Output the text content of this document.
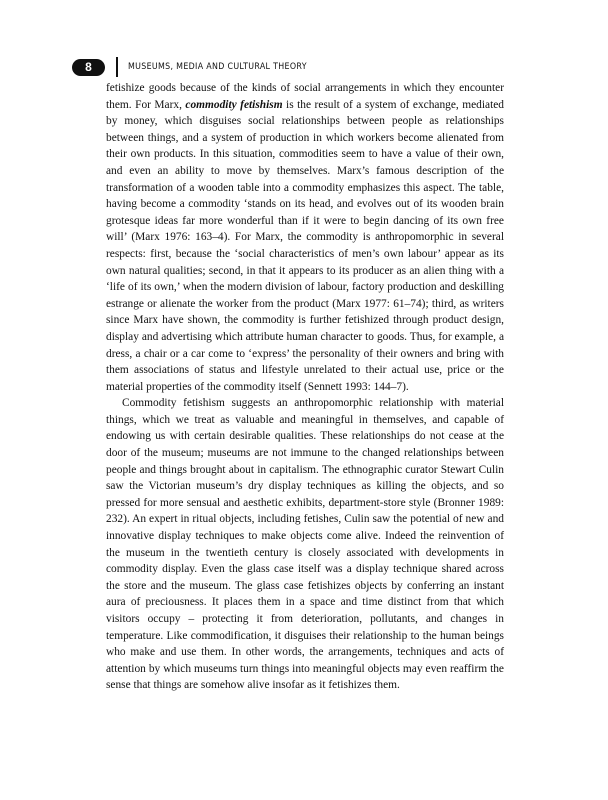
8	MUSEUMS, MEDIA AND CULTURAL THEORY

fetishize goods because of the kinds of social arrangements in which they encounter them. For Marx, commodity fetishism is the result of a system of exchange, mediated by money, which disguises social relationships between people as relationships between things, and a system of production in which workers become alienated from their own products. In this situation, commodities seem to have a value of their own, and even an ability to move by themselves. Marx’s famous description of the transformation of a wooden table into a commodity emphasizes this aspect. The table, having become a commodity ‘stands on its head, and evolves out of its wooden brain grotesque ideas far more wonderful than if it were to begin dancing of its own free will’ (Marx 1976: 163–4). For Marx, the commodity is anthropomorphic in several respects: first, because the ‘social characteristics of men’s own labour’ appear as its own natural qualities; second, in that it appears to its producer as an alien thing with a ‘life of its own,’ when the modern division of labour, factory production and deskilling estrange or alienate the worker from the product (Marx 1977: 61–74); third, as writers since Marx have shown, the commodity is further fetishized through product design, display and advertising which attribute human character to goods. Thus, for example, a dress, a chair or a car come to ‘express’ the personality of their owners and bring with them associations of status and lifestyle unrelated to their actual use, price or the material properties of the commodity itself (Sennett 1993: 144–7).

Commodity fetishism suggests an anthropomorphic relationship with material things, which we treat as valuable and meaningful in themselves, and capable of endowing us with certain desirable qualities. These relationships do not cease at the door of the museum; museums are not immune to the changed relationships between people and things brought about in capitalism. The ethnographic curator Stewart Culin saw the Victorian museum’s dry display techniques as killing the objects, and so pressed for more sensual and aesthetic exhibits, department-store style (Bronner 1989: 232). An expert in ritual objects, including fetishes, Culin saw the potential of new and innovative display techniques to make objects come alive. Indeed the reinvention of the museum in the twentieth century is closely associated with developments in commodity display. Even the glass case itself was a display technique shared across the store and the museum. The glass case fetishizes objects by conferring an instant aura of preciousness. It places them in a space and time distinct from that which visitors occupy – protecting it from deterioration, pollutants, and changes in temperature. Like commodification, it disguises their relationship to the human beings who make and use them. In other words, the arrangements, techniques and acts of attention by which museums turn things into meaningful objects may even reaffirm the sense that things are somehow alive insofar as it fetishizes them.
